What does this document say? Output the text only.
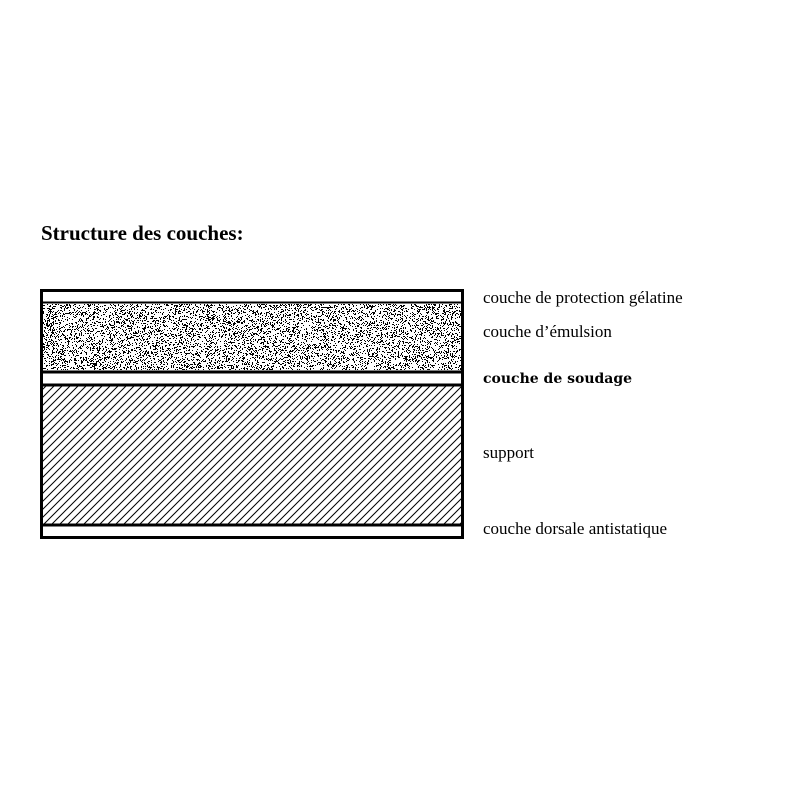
Structure des couches:
couche de protection gélatine
couche d’émulsion
couche de soudage
support
couche dorsale antistatique
